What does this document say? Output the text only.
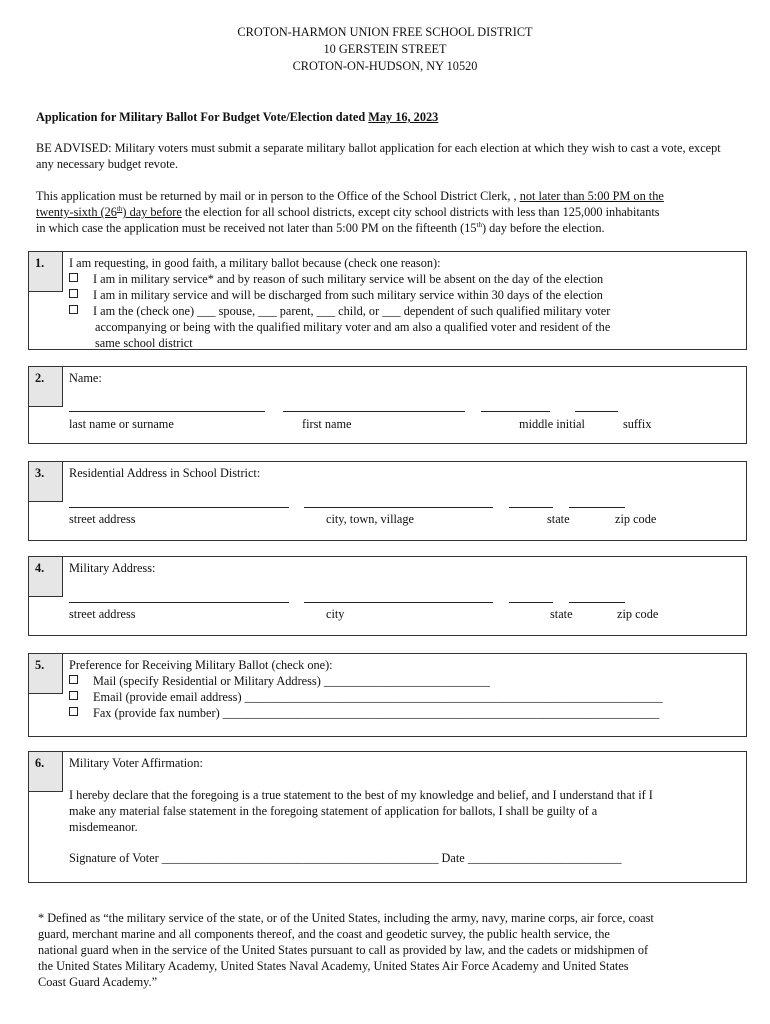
CROTON-HARMON UNION FREE SCHOOL DISTRICT
10 GERSTEIN STREET
CROTON-ON-HUDSON, NY 10520
Application for Military Ballot For Budget Vote/Election dated May 16, 2023
BE ADVISED: Military voters must submit a separate military ballot application for each election at which they wish to cast a vote, except any necessary budget revote.
This application must be returned by mail or in person to the Office of the School District Clerk, , not later than 5:00 PM on the
twenty-sixth (26th) day before the election for all school districts, except city school districts with less than 125,000 inhabitants
in which case the application must be received not later than 5:00 PM on the fifteenth (15th) day before the election.
1.	I am requesting, in good faith, a military ballot because (check one reason):
I am in military service* and by reason of such military service will be absent on the day of the election
I am in military service and will be discharged from such military service within 30 days of the election
I am the (check one) ___ spouse, ___ parent, ___ child, or ___ dependent of such qualified military voter
accompanying or being with the qualified military voter and am also a qualified voter and resident of the
same school district
2.	Name:
last name or surname	first name	middle initial	suffix
3.	Residential Address in School District:
street address	city, town, village	state	zip code
4.	Military Address:
street address	city	state	zip code
5.	Preference for Receiving Military Ballot (check one):
Mail (specify Residential or Military Address) ___________________________
Email (provide email address) ____________________________________________________________________
Fax (provide fax number) _______________________________________________________________________
6.	Military Voter Affirmation:
I hereby declare that the foregoing is a true statement to the best of my knowledge and belief, and I understand that if I
make any material false statement in the foregoing statement of application for ballots, I shall be guilty of a
misdemeanor.
Signature of Voter _____________________________________________ Date _________________________
* Defined as “the military service of the state, or of the United States, including the army, navy, marine corps, air force, coast
guard, merchant marine and all components thereof, and the coast and geodetic survey, the public health service, the
national guard when in the service of the United States pursuant to call as provided by law, and the cadets or midshipmen of
the United States Military Academy, United States Naval Academy, United States Air Force Academy and United States
Coast Guard Academy.”
